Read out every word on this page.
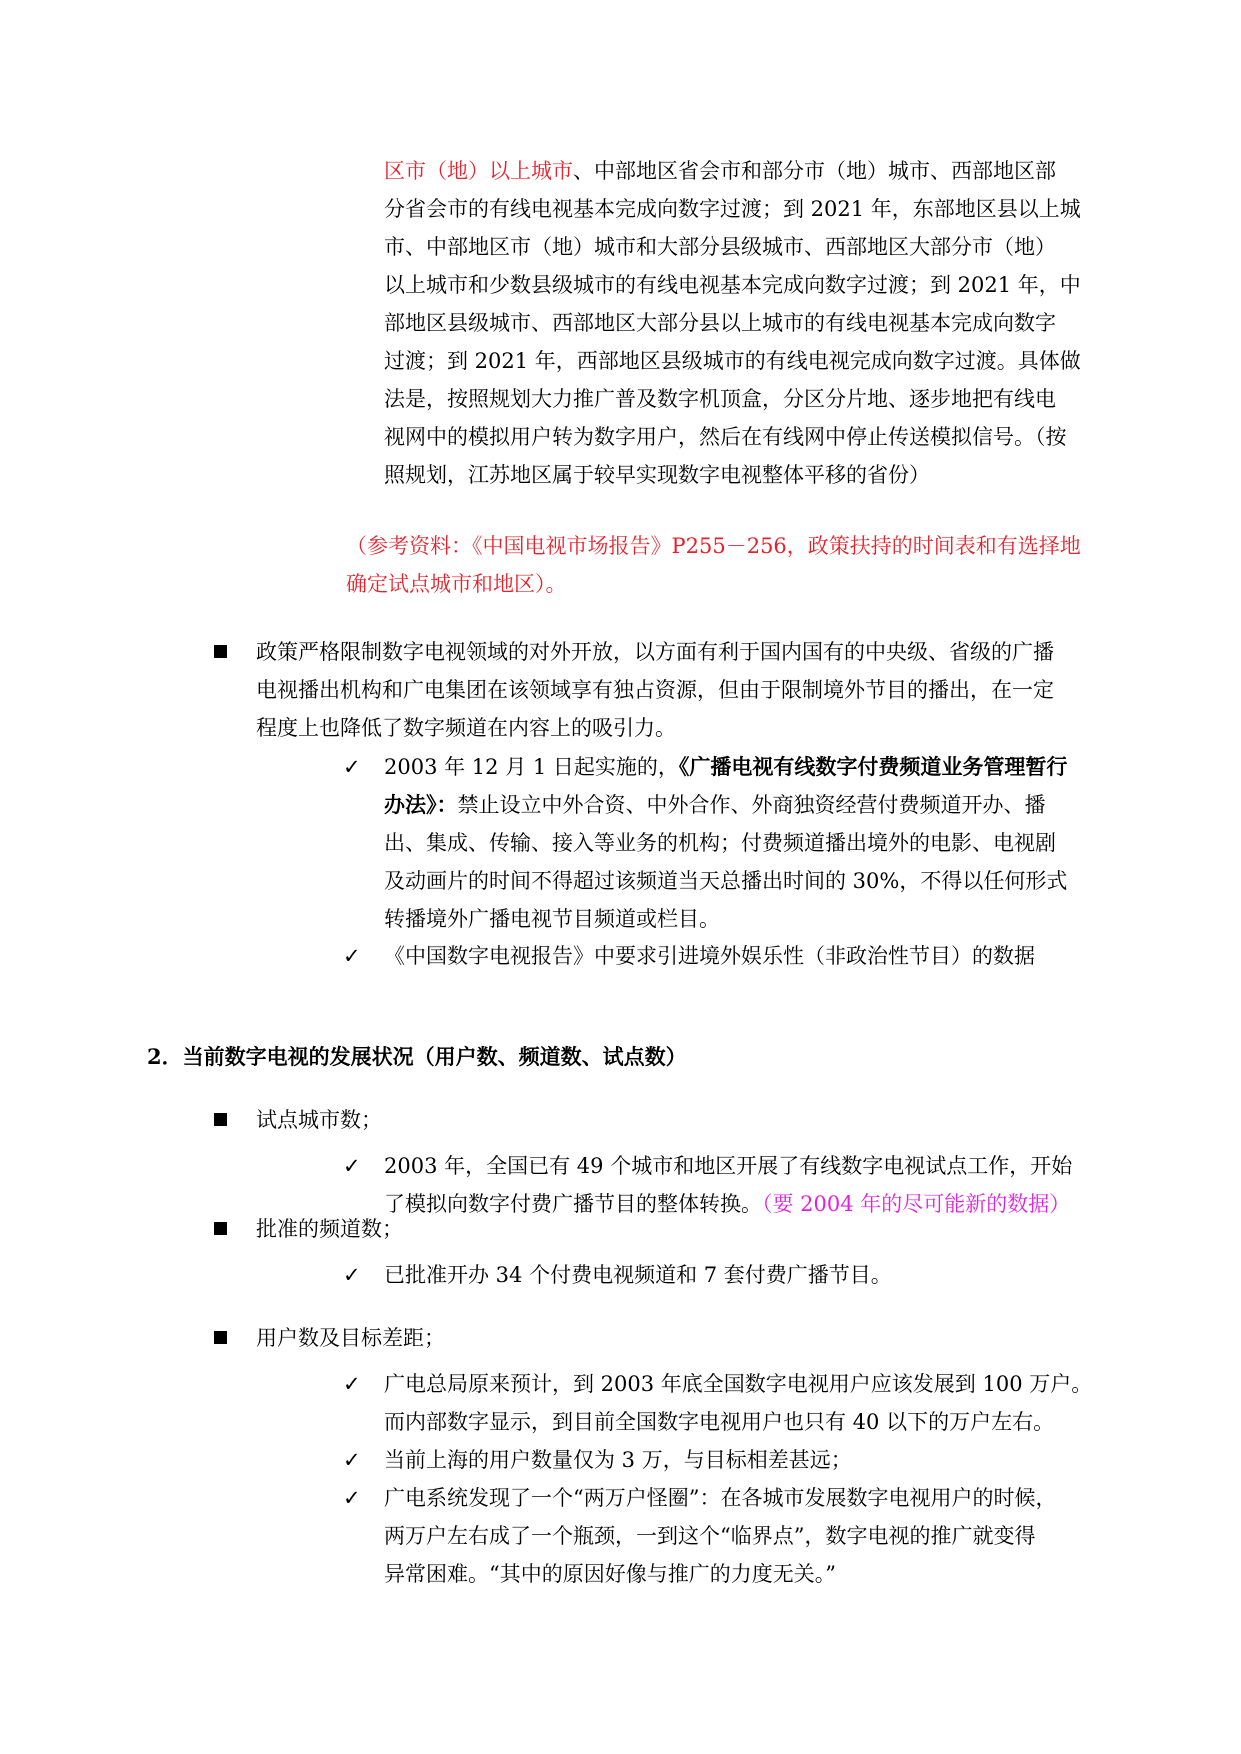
区市（地）以上城市、中部地区省会市和部分市（地）城市、西部地区部
分省会市的有线电视基本完成向数字过渡；到 2021 年，东部地区县以上城
市、中部地区市（地）城市和大部分县级城市、西部地区大部分市（地）
以上城市和少数县级城市的有线电视基本完成向数字过渡；到 2021 年，中
部地区县级城市、西部地区大部分县以上城市的有线电视基本完成向数字
过渡；到 2021 年，西部地区县级城市的有线电视完成向数字过渡。具体做
法是，按照规划大力推广普及数字机顶盒，分区分片地、逐步地把有线电
视网中的模拟用户转为数字用户，然后在有线网中停止传送模拟信号。（按
照规划，江苏地区属于较早实现数字电视整体平移的省份）
（参考资料：《中国电视市场报告》P255－256，政策扶持的时间表和有选择地
确定试点城市和地区）。
政策严格限制数字电视领域的对外开放，以方面有利于国内国有的中央级、省级的广播
电视播出机构和广电集团在该领域享有独占资源，但由于限制境外节目的播出，在一定
程度上也降低了数字频道在内容上的吸引力。
✓ 2003 年 12 月 1 日起实施的，《广播电视有线数字付费频道业务管理暂行
办法》：禁止设立中外合资、中外合作、外商独资经营付费频道开办、播
出、集成、传输、接入等业务的机构；付费频道播出境外的电影、电视剧
及动画片的时间不得超过该频道当天总播出时间的 30%，不得以任何形式
转播境外广播电视节目频道或栏目。
✓ 《中国数字电视报告》中要求引进境外娱乐性（非政治性节目）的数据
2．当前数字电视的发展状况（用户数、频道数、试点数）
试点城市数；
✓ 2003 年，全国已有 49 个城市和地区开展了有线数字电视试点工作，开始
了模拟向数字付费广播节目的整体转换。（要 2004 年的尽可能新的数据）
批准的频道数；
✓ 已批准开办 34 个付费电视频道和 7 套付费广播节目。
用户数及目标差距；
✓ 广电总局原来预计，到 2003 年底全国数字电视用户应该发展到 100 万户。
而内部数字显示，到目前全国数字电视用户也只有 40 以下的万户左右。
✓ 当前上海的用户数量仅为 3 万，与目标相差甚远；
✓ 广电系统发现了一个“两万户怪圈”：在各城市发展数字电视用户的时候，
两万户左右成了一个瓶颈，一到这个“临界点”，数字电视的推广就变得
异常困难。“其中的原因好像与推广的力度无关。”
